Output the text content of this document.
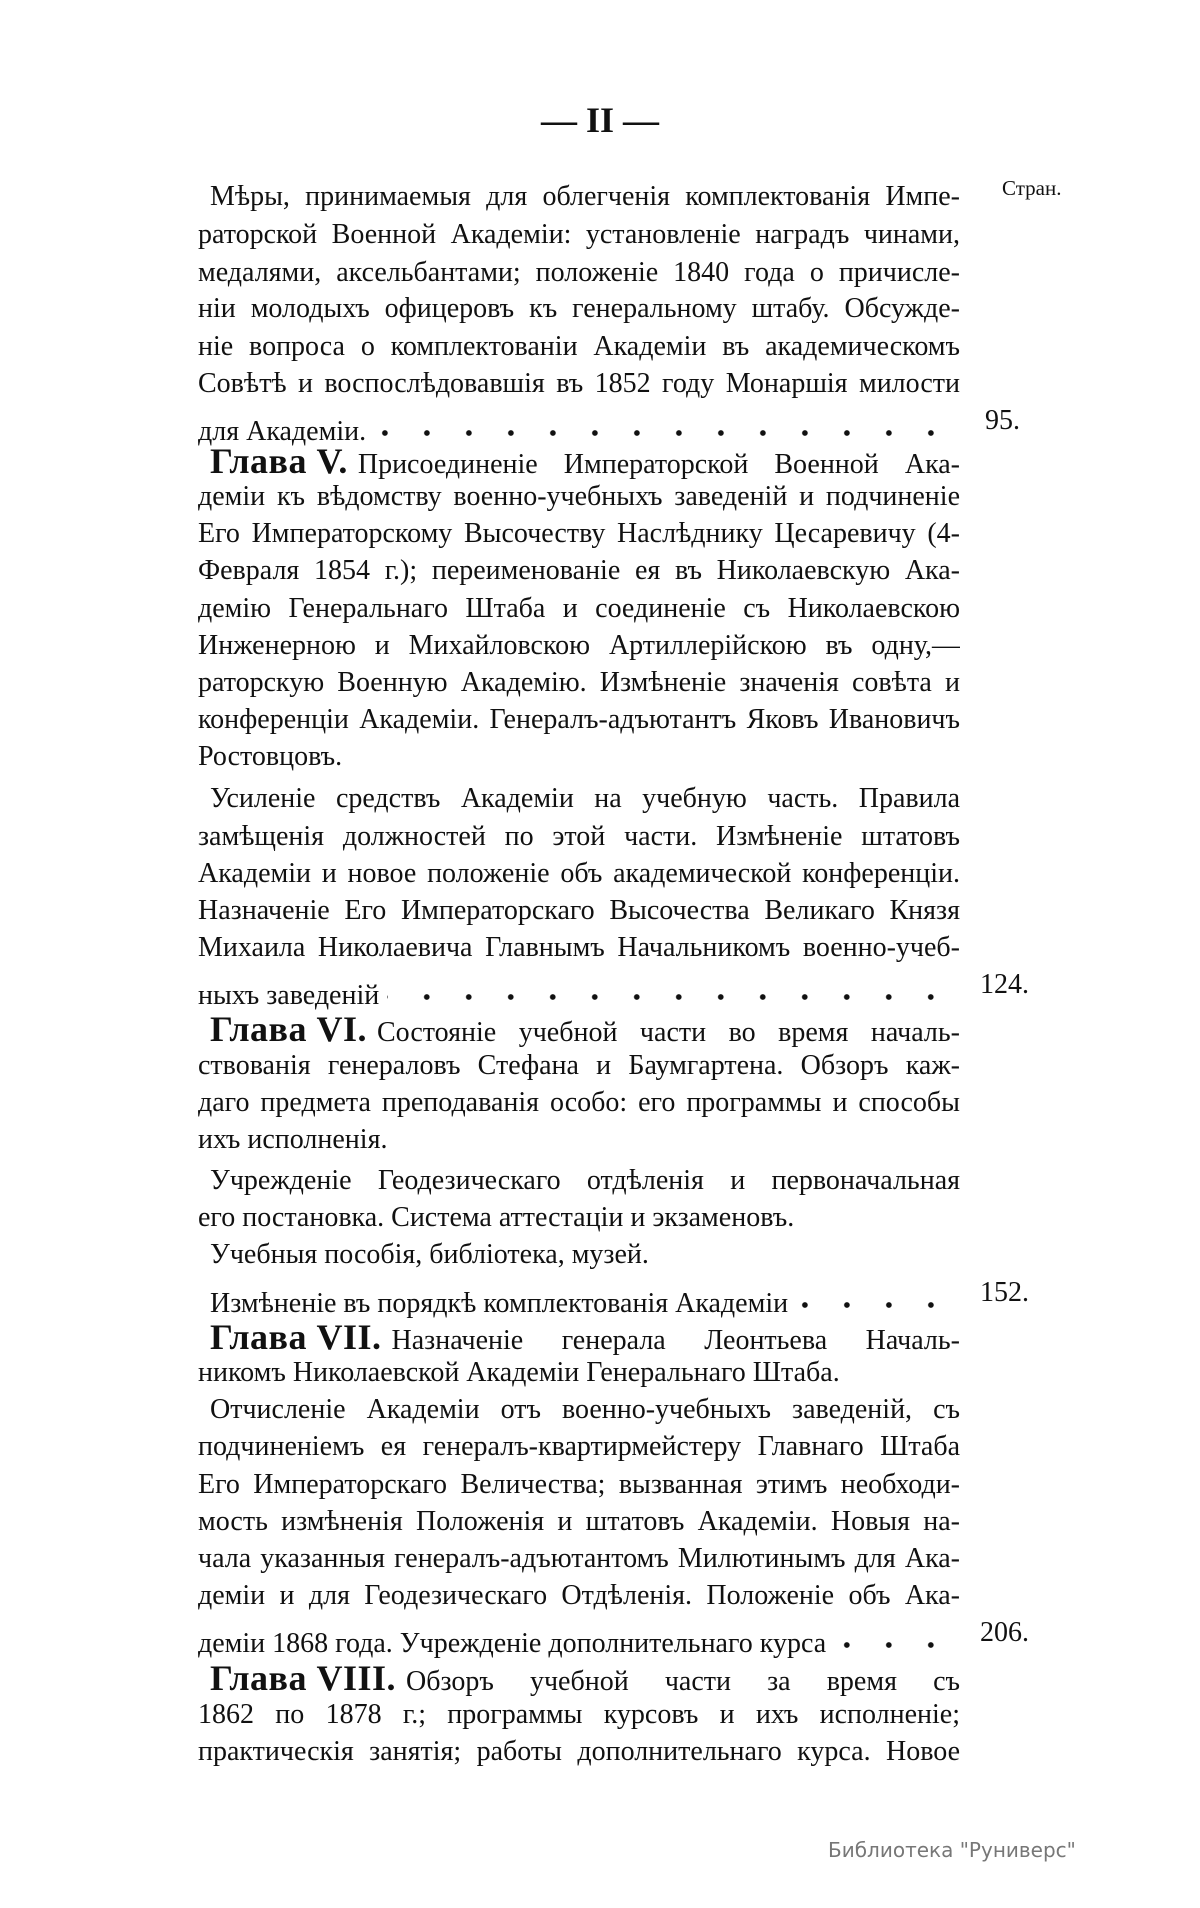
— II —
Стран.
Мѣры, принимаемыя для облегченія комплектованія Импе-
раторской Военной Академіи: установленіе наградъ чинами,
медалями, аксельбантами; положеніе 1840 года о причисле-
ніи молодыхъ офицеровъ къ генеральному штабу. Обсужде-
ніе вопроса о комплектованіи Академіи въ академическомъ
Совѣтѣ и воспослѣдовавшія въ 1852 году Монаршія милости
для Академіи.	95.
Глава V. Присоединеніе Императорской Военной Ака-
деміи къ вѣдомству военно-учебныхъ заведеній и подчиненіе
Его Императорскому Высочеству Наслѣднику Цесаревичу (4-
Февраля 1854 г.); переименованіе ея въ Николаевскую Ака-
демію Генеральнаго Штаба и соединеніе съ Николаевскою
Инженерною и Михайловскою Артиллерійскою въ одну,—
раторскую Военную Академію. Измѣненіе значенія совѣта и
конференціи Академіи. Генералъ-адъютантъ Яковъ Ивановичъ
Ростовцовъ.
Усиленіе средствъ Академіи на учебную часть. Правила
замѣщенія должностей по этой части. Измѣненіе штатовъ
Академіи и новое положеніе объ академической конференціи.
Назначеніе Его Императорскаго Высочества Великаго Князя
Михаила Николаевича Главнымъ Начальникомъ военно-учеб-
ныхъ заведеній	124.
Глава VI. Состояніе учебной части во время началь-
ствованія генераловъ Стефана и Баумгартена. Обзоръ каж-
даго предмета преподаванія особо: его программы и способы
ихъ исполненія.
Учрежденіе Геодезическаго отдѣленія и первоначальная
его постановка. Система аттестаціи и экзаменовъ.
Учебныя пособія, библіотека, музей.
Измѣненіе въ порядкѣ комплектованія Академіи	152.
Глава VII. Назначеніе генерала Леонтьева Началь-
никомъ Николаевской Академіи Генеральнаго Штаба.
Отчисленіе Академіи отъ военно-учебныхъ заведеній, съ
подчиненіемъ ея генералъ-квартирмейстеру Главнаго Штаба
Его Императорскаго Величества; вызванная этимъ необходи-
мость измѣненія Положенія и штатовъ Академіи. Новыя на-
чала указанныя генералъ-адъютантомъ Милютинымъ для Ака-
деміи и для Геодезическаго Отдѣленія. Положеніе объ Ака-
деміи 1868 года. Учрежденіе дополнительнаго курса	206.
Глава VIII. Обзоръ учебной части за время съ
1862 по 1878 г.; программы курсовъ и ихъ исполненіе;
практическія занятія; работы дополнительнаго курса. Новое
Библиотека "Руниверс"
